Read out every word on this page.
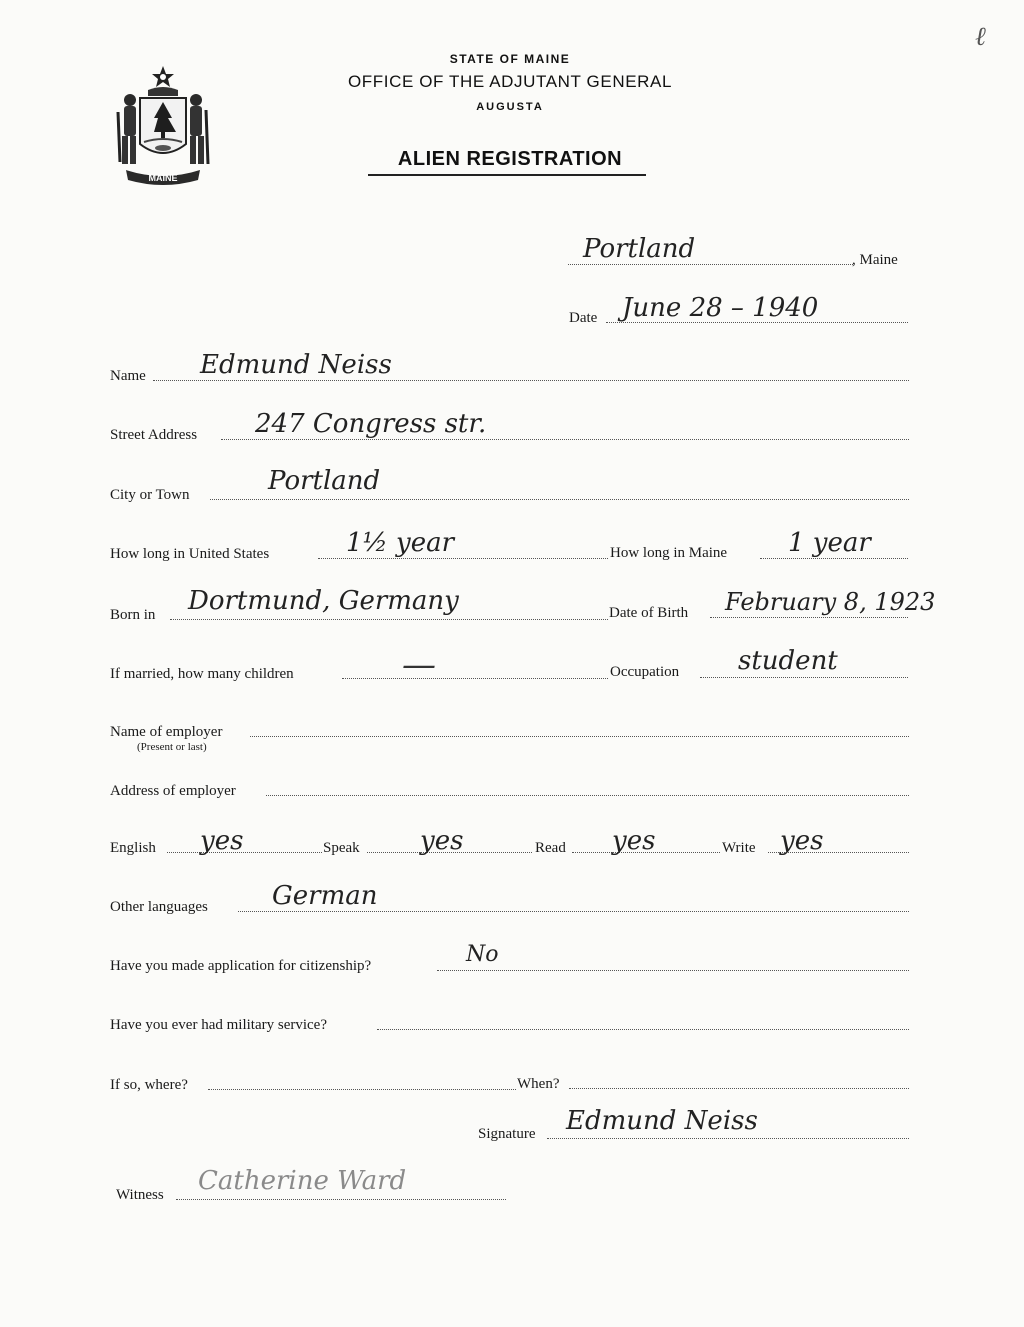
ℓ
MAINE
STATE OF MAINE
OFFICE OF THE ADJUTANT GENERAL
AUGUSTA
ALIEN REGISTRATION
Portland	, Maine
Date June 28 – 1940
Name Edmund Neiss
Street Address 247 Congress str.
City or Town	Portland
How long in United States	1½ year	How long in Maine 1 year
Born in Dortmund, Germany	Date of Birth February 8, 1923
If married, how many children	—	Occupation student
Name of employer
(Present or last)
Address of employer
English yes	Speak yes	Read yes	Write yes
Other languages German
Have you made application for citizenship?	No
Have you ever had military service?
If so, where?	When?
Signature Edmund Neiss
Witness Catherine Ward
